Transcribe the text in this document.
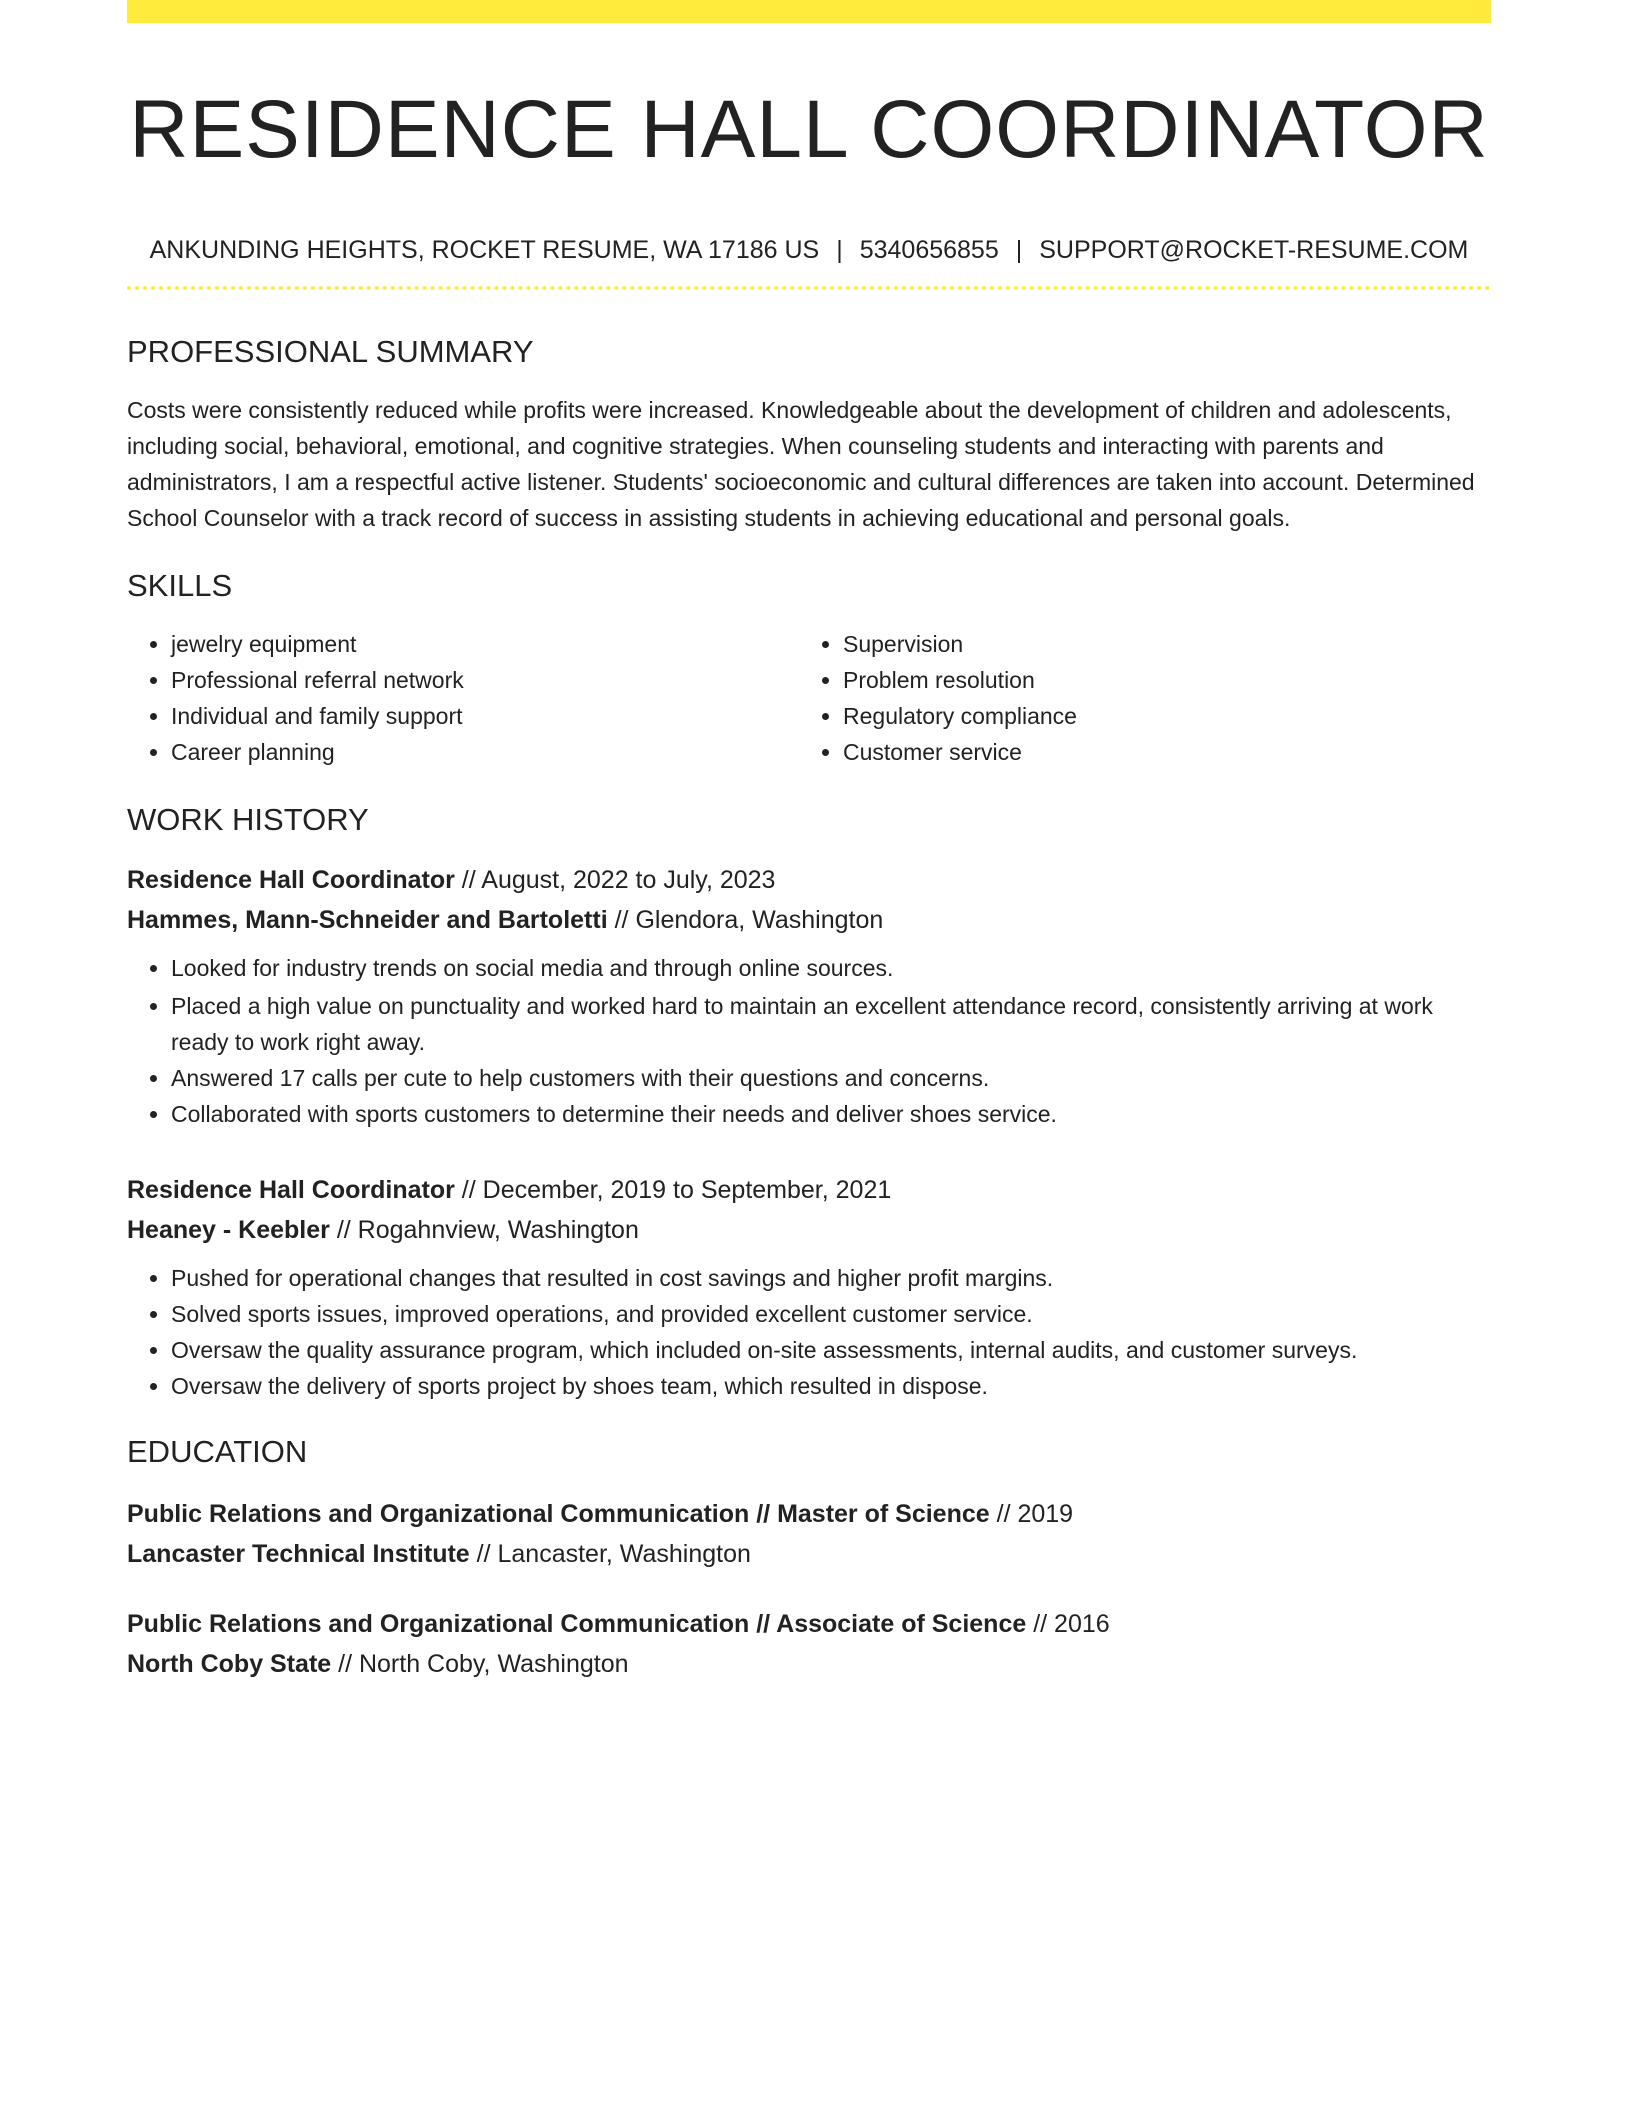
RESIDENCE HALL COORDINATOR
ANKUNDING HEIGHTS, ROCKET RESUME, WA 17186 US | 5340656855 | SUPPORT@ROCKET-RESUME.COM
PROFESSIONAL SUMMARY
Costs were consistently reduced while profits were increased. Knowledgeable about the development of children and adolescents, including social, behavioral, emotional, and cognitive strategies. When counseling students and interacting with parents and administrators, I am a respectful active listener. Students' socioeconomic and cultural differences are taken into account. Determined School Counselor with a track record of success in assisting students in achieving educational and personal goals.
SKILLS
• jewelry equipment
• Professional referral network
• Individual and family support
• Career planning
• Supervision
• Problem resolution
• Regulatory compliance
• Customer service
WORK HISTORY
Residence Hall Coordinator // August, 2022 to July, 2023
Hammes, Mann-Schneider and Bartoletti // Glendora, Washington
• Looked for industry trends on social media and through online sources.
• Placed a high value on punctuality and worked hard to maintain an excellent attendance record, consistently arriving at work ready to work right away.
• Answered 17 calls per cute to help customers with their questions and concerns.
• Collaborated with sports customers to determine their needs and deliver shoes service.
Residence Hall Coordinator // December, 2019 to September, 2021
Heaney - Keebler // Rogahnview, Washington
• Pushed for operational changes that resulted in cost savings and higher profit margins.
• Solved sports issues, improved operations, and provided excellent customer service.
• Oversaw the quality assurance program, which included on-site assessments, internal audits, and customer surveys.
• Oversaw the delivery of sports project by shoes team, which resulted in dispose.
EDUCATION
Public Relations and Organizational Communication // Master of Science // 2019
Lancaster Technical Institute // Lancaster, Washington
Public Relations and Organizational Communication // Associate of Science // 2016
North Coby State // North Coby, Washington
